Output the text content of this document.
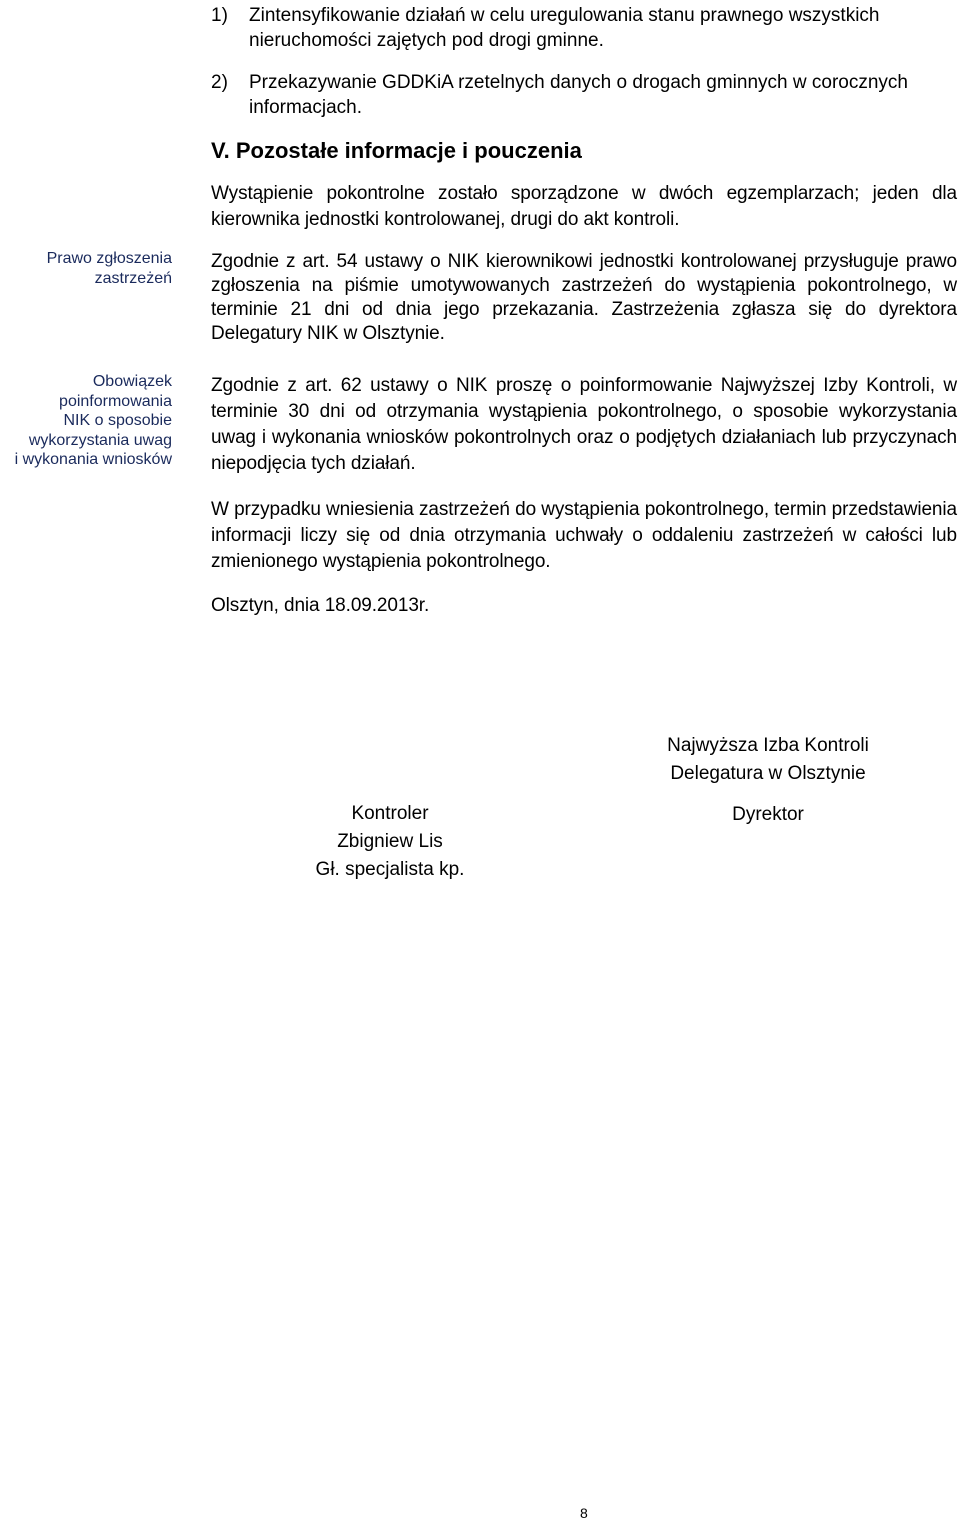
1) Zintensyfikowanie działań w celu uregulowania stanu prawnego wszystkich nieruchomości zajętych pod drogi gminne.
2) Przekazywanie GDDKiA rzetelnych danych o drogach gminnych w corocznych informacjach.
V. Pozostałe informacje i pouczenia
Wystąpienie pokontrolne zostało sporządzone w dwóch egzemplarzach; jeden dla kierownika jednostki kontrolowanej, drugi do akt kontroli.
Zgodnie z art. 54 ustawy o NIK kierownikowi jednostki kontrolowanej przysługuje prawo zgłoszenia na piśmie umotywowanych zastrzeżeń do wystąpienia pokontrolnego, w terminie 21 dni od dnia jego przekazania. Zastrzeżenia zgłasza się do dyrektora Delegatury NIK w Olsztynie.
Zgodnie z art. 62 ustawy o NIK proszę o poinformowanie Najwyższej Izby Kontroli, w terminie 30 dni od otrzymania wystąpienia pokontrolnego, o sposobie wykorzystania uwag i wykonania wniosków pokontrolnych oraz o podjętych działaniach lub przyczynach niepodjęcia tych działań.
W przypadku wniesienia zastrzeżeń do wystąpienia pokontrolnego, termin przedstawienia informacji liczy się od dnia otrzymania uchwały o oddaleniu zastrzeżeń w całości lub zmienionego wystąpienia pokontrolnego.
Olsztyn, dnia 18.09.2013r.
Prawo zgłoszenia
zastrzeżeń
Obowiązek
poinformowania
NIK o sposobie
wykorzystania uwag
i wykonania wniosków
Kontroler
Zbigniew Lis
Gł. specjalista kp.
Najwyższa Izba Kontroli
Delegatura w Olsztynie
Dyrektor
8
